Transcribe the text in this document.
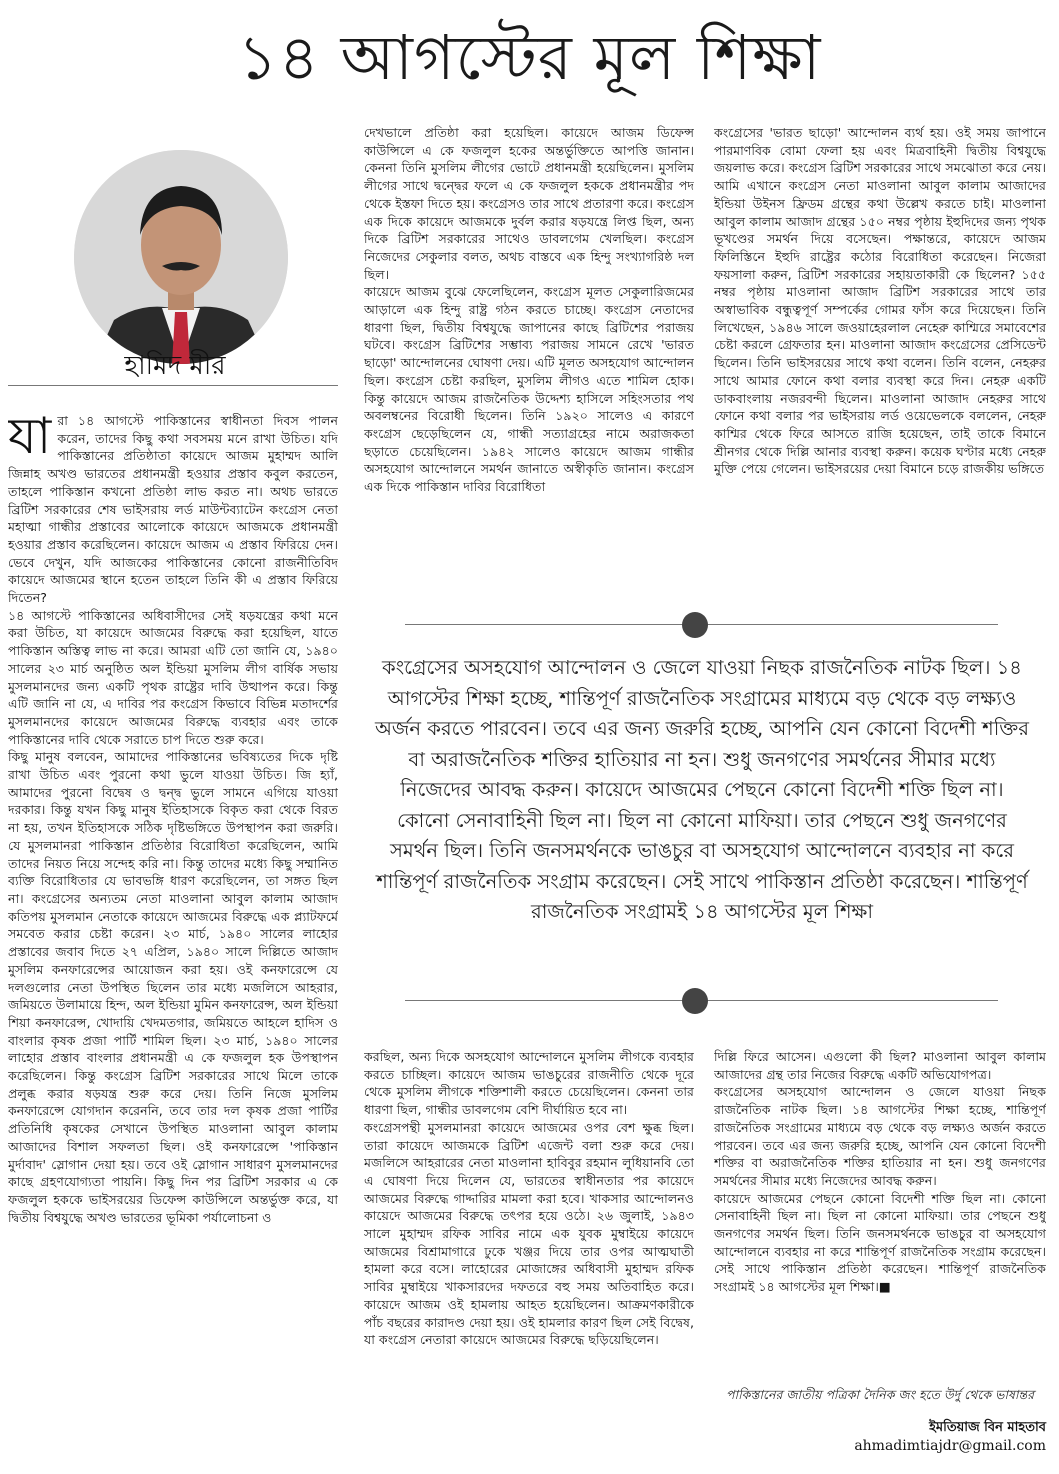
১৪ আগস্টের মূল শিক্ষা
হামিদ মীর
যা রা ১৪ আগস্টে পাকিস্তানের স্বাধীনতা দিবস পালন করেন, তাদের কিছু কথা সবসময় মনে রাখা উচিত। যদি পাকিস্তানের প্রতিষ্ঠাতা কায়েদে আজম মুহাম্মদ আলি জিন্নাহ অখণ্ড ভারতের প্রধানমন্ত্রী হওয়ার প্রস্তাব কবুল করতেন, তাহলে পাকিস্তান কখনো প্রতিষ্ঠা লাভ করত না। অথচ ভারতে ব্রিটিশ সরকারের শেষ ভাইসরায় লর্ড মাউন্টব্যাটেন কংগ্রেস নেতা মহাত্মা গান্ধীর প্রস্তাবের আলোকে কায়েদে আজমকে প্রধানমন্ত্রী হওয়ার প্রস্তাব করেছিলেন। কায়েদে আজম এ প্রস্তাব ফিরিয়ে দেন। ভেবে দেখুন, যদি আজকের পাকিস্তানের কোনো রাজনীতিবিদ কায়েদে আজমের স্থানে হতেন তাহলে তিনি কী এ প্রস্তাব ফিরিয়ে দিতেন?

১৪ আগস্টে পাকিস্তানের অধিবাসীদের সেই ষড়যন্ত্রের কথা মনে করা উচিত, যা কায়েদে আজমের বিরুদ্ধে করা হয়েছিল, যাতে পাকিস্তান অস্তিত্ব লাভ না করে। আমরা এটি তো জানি যে, ১৯৪০ সালের ২৩ মার্চ অনুষ্ঠিত অল ইন্ডিয়া মুসলিম লীগ বার্ষিক সভায় মুসলমানদের জন্য একটি পৃথক রাষ্ট্রের দাবি উত্থাপন করে। কিন্তু এটি জানি না যে, এ দাবির পর কংগ্রেস কিভাবে বিভিন্ন মতাদর্শের মুসলমানদের কায়েদে আজমের বিরুদ্ধে ব্যবহার এবং তাকে পাকিস্তানের দাবি থেকে সরাতে চাপ দিতে শুরু করে।

কিছু মানুষ বলবেন, আমাদের পাকিস্তানের ভবিষ্যতের দিকে দৃষ্টি রাখা উচিত এবং পুরনো কথা ভুলে যাওয়া উচিত। জি হ্যাঁ, আমাদের পুরনো বিদ্বেষ ও দ্বন্দ্ব ভুলে সামনে এগিয়ে যাওয়া দরকার। কিন্তু যখন কিছু মানুষ ইতিহাসকে বিকৃত করা থেকে বিরত না হয়, তখন ইতিহাসকে সঠিক দৃষ্টিভঙ্গিতে উপস্থাপন করা জরুরি। যে মুসলমানরা পাকিস্তান প্রতিষ্ঠার বিরোধিতা করেছিলেন, আমি তাদের নিয়ত নিয়ে সন্দেহ করি না। কিন্তু তাদের মধ্যে কিছু সম্মানিত ব্যক্তি বিরোধিতার যে ভাবভঙ্গি ধারণ করেছিলেন, তা সঙ্গত ছিল না। কংগ্রেসের অন্যতম নেতা মাওলানা আবুল কালাম আজাদ কতিপয় মুসলমান নেতাকে কায়েদে আজমের বিরুদ্ধে এক প্ল্যাটফর্মে সমবেত করার চেষ্টা করেন। ২৩ মার্চ, ১৯৪০ সালের লাহোর প্রস্তাবের জবাব দিতে ২৭ এপ্রিল, ১৯৪০ সালে দিল্লিতে আজাদ মুসলিম কনফারেন্সের আয়োজন করা হয়। ওই কনফারেন্সে যে দলগুলোর নেতা উপস্থিত ছিলেন তার মধ্যে মজলিসে আহরার, জমিয়তে উলামায়ে হিন্দ, অল ইন্ডিয়া মুমিন কনফারেন্স, অল ইন্ডিয়া শিয়া কনফারেন্স, খোদায়ি খেদমতগার, জমিয়তে আহলে হাদিস ও বাংলার কৃষক প্রজা পার্টি শামিল ছিল। ২৩ মার্চ, ১৯৪০ সালের লাহোর প্রস্তাব বাংলার প্রধানমন্ত্রী এ কে ফজলুল হক উপস্থাপন করেছিলেন। কিন্তু কংগ্রেস ব্রিটিশ সরকারের সাথে মিলে তাকে প্রলুব্ধ করার ষড়যন্ত্র শুরু করে দেয়। তিনি নিজে মুসলিম কনফারেন্সে যোগদান করেননি, তবে তার দল কৃষক প্রজা পার্টির প্রতিনিধি কৃষকের সেখানে উপস্থিত মাওলানা আবুল কালাম আজাদের বিশাল সফলতা ছিল। ওই কনফারেন্সে 'পাকিস্তান মুর্দাবাদ' স্লোগান দেয়া হয়। তবে ওই স্লোগান সাধারণ মুসলমানদের কাছে গ্রহণযোগ্যতা পায়নি। কিছু দিন পর ব্রিটিশ সরকার এ কে ফজলুল হককে ভাইসরয়ের ডিফেন্স কাউন্সিলে অন্তর্ভুক্ত করে, যা দ্বিতীয় বিশ্বযুদ্ধে অখণ্ড ভারতের ভূমিকা পর্যালোচনা ও

দেখভালে প্রতিষ্ঠা করা হয়েছিল। কায়েদে আজম ডিফেন্স কাউন্সিলে এ কে ফজলুল হকের অন্তর্ভুক্তিতে আপত্তি জানান। কেননা তিনি মুসলিম লীগের ভোটে প্রধানমন্ত্রী হয়েছিলেন। মুসলিম লীগের সাথে দ্বন্দ্বের ফলে এ কে ফজলুল হককে প্রধানমন্ত্রীর পদ থেকে ইস্তফা দিতে হয়। কংগ্রেসও তার সাথে প্রতারণা করে। কংগ্রেস এক দিকে কায়েদে আজমকে দুর্বল করার ষড়যন্ত্রে লিপ্ত ছিল, অন্য দিকে ব্রিটিশ সরকারের সাথেও ডাবলগেম খেলছিল। কংগ্রেস নিজেদের সেকুলার বলত, অথচ বাস্তবে এক হিন্দু সংখ্যাগরিষ্ঠ দল ছিল।

কায়েদে আজম বুঝে ফেলেছিলেন, কংগ্রেস মূলত সেকুলারিজমের আড়ালে এক হিন্দু রাষ্ট্র গঠন করতে চাচ্ছে। কংগ্রেস নেতাদের ধারণা ছিল, দ্বিতীয় বিশ্বযুদ্ধে জাপানের কাছে ব্রিটিশের পরাজয় ঘটবে। কংগ্রেস ব্রিটিশের সম্ভাব্য পরাজয় সামনে রেখে 'ভারত ছাড়ো' আন্দোলনের ঘোষণা দেয়। এটি মূলত অসহযোগ আন্দোলন ছিল। কংগ্রেস চেষ্টা করছিল, মুসলিম লীগও এতে শামিল হোক। কিন্তু কায়েদে আজম রাজনৈতিক উদ্দেশ্য হাসিলে সহিংসতার পথ অবলম্বনের বিরোধী ছিলেন। তিনি ১৯২০ সালেও এ কারণে কংগ্রেস ছেড়েছিলেন যে, গান্ধী সত্যাগ্রহের নামে অরাজকতা ছড়াতে চেয়েছিলেন। ১৯৪২ সালেও কায়েদে আজম গান্ধীর অসহযোগ আন্দোলনে সমর্থন জানাতে অস্বীকৃতি জানান। কংগ্রেস এক দিকে পাকিস্তান দাবির বিরোধিতা

কংগ্রেসের 'ভারত ছাড়ো' আন্দোলন ব্যর্থ হয়। ওই সময় জাপানে পারমাণবিক বোমা ফেলা হয় এবং মিত্রবাহিনী দ্বিতীয় বিশ্বযুদ্ধে জয়লাভ করে। কংগ্রেস ব্রিটিশ সরকারের সাথে সমঝোতা করে নেয়। আমি এখানে কংগ্রেস নেতা মাওলানা আবুল কালাম আজাদের ইন্ডিয়া উইনস ফ্রিডম গ্রন্থের কথা উল্লেখ করতে চাই। মাওলানা আবুল কালাম আজাদ গ্রন্থের ১৫০ নম্বর পৃষ্ঠায় ইহুদিদের জন্য পৃথক ভূখণ্ডের সমর্থন দিয়ে বসেছেন। পক্ষান্তরে, কায়েদে আজম ফিলিস্তিনে ইহুদি রাষ্ট্রের কঠোর বিরোধিতা করেছেন। নিজেরা ফয়সালা করুন, ব্রিটিশ সরকারের সহায়তাকারী কে ছিলেন? ১৫৫ নম্বর পৃষ্ঠায় মাওলানা আজাদ ব্রিটিশ সরকারের সাথে তার অস্বাভাবিক বন্ধুত্বপূর্ণ সম্পর্কের গোমর ফাঁস করে দিয়েছেন। তিনি লিখেছেন, ১৯৪৬ সালে জওয়াহেরলাল নেহেরু কাশ্মিরে সমাবেশের চেষ্টা করলে গ্রেফতার হন। মাওলানা আজাদ কংগ্রেসের প্রেসিডেন্ট ছিলেন। তিনি ভাইসরয়ের সাথে কথা বলেন। তিনি বলেন, নেহরুর সাথে আমার ফোনে কথা বলার ব্যবস্থা করে দিন। নেহরু একটি ডাকবাংলায় নজরবন্দী ছিলেন। মাওলানা আজাদ নেহরুর সাথে ফোনে কথা বলার পর ভাইসরায় লর্ড ওয়েভেলকে বললেন, নেহরু কাশ্মির থেকে ফিরে আসতে রাজি হয়েছেন, তাই তাকে বিমানে শ্রীনগর থেকে দিল্লি আনার ব্যবস্থা করুন। কয়েক ঘণ্টার মধ্যে নেহরু মুক্তি পেয়ে গেলেন। ভাইসরয়ের দেয়া বিমানে চড়ে রাজকীয় ভঙ্গিতে

কংগ্রেসের অসহযোগ আন্দোলন ও জেলে যাওয়া নিছক রাজনৈতিক নাটক ছিল। ১৪ আগস্টের শিক্ষা হচ্ছে, শান্তিপূর্ণ রাজনৈতিক সংগ্রামের মাধ্যমে বড় থেকে বড় লক্ষ্যও অর্জন করতে পারবেন। তবে এর জন্য জরুরি হচ্ছে, আপনি যেন কোনো বিদেশী শক্তির বা অরাজনৈতিক শক্তির হাতিয়ার না হন। শুধু জনগণের সমর্থনের সীমার মধ্যে নিজেদের আবদ্ধ করুন। কায়েদে আজমের পেছনে কোনো বিদেশী শক্তি ছিল না। কোনো সেনাবাহিনী ছিল না। ছিল না কোনো মাফিয়া। তার পেছনে শুধু জনগণের সমর্থন ছিল। তিনি জনসমর্থনকে ভাঙচুর বা অসহযোগ আন্দোলনে ব্যবহার না করে শান্তিপূর্ণ রাজনৈতিক সংগ্রাম করেছেন। সেই সাথে পাকিস্তান প্রতিষ্ঠা করেছেন। শান্তিপূর্ণ রাজনৈতিক সংগ্রামই ১৪ আগস্টের মূল শিক্ষা

করছিল, অন্য দিকে অসহযোগ আন্দোলনে মুসলিম লীগকে ব্যবহার করতে চাচ্ছিল। কায়েদে আজম ভাঙচুরের রাজনীতি থেকে দূরে থেকে মুসলিম লীগকে শক্তিশালী করতে চেয়েছিলেন। কেননা তার ধারণা ছিল, গান্ধীর ডাবলগেম বেশি দীর্ঘায়িত হবে না।

কংগ্রেসপন্থী মুসলমানরা কায়েদে আজমের ওপর বেশ ক্ষুব্ধ ছিল। তারা কায়েদে আজমকে ব্রিটিশ এজেন্ট বলা শুরু করে দেয়। মজলিসে আহরারের নেতা মাওলানা হাবিবুর রহমান লুধিয়ানবি তো এ ঘোষণা দিয়ে দিলেন যে, ভারতের স্বাধীনতার পর কায়েদে আজমের বিরুদ্ধে গাদ্দারির মামলা করা হবে। খাকসার আন্দোলনও কায়েদে আজমের বিরুদ্ধে তৎপর হয়ে ওঠে। ২৬ জুলাই, ১৯৪৩ সালে মুহাম্মদ রফিক সাবির নামে এক যুবক মুম্বাইয়ে কায়েদে আজমের বিশ্রামাগারে ঢুকে খঞ্জর দিয়ে তার ওপর আত্মঘাতী হামলা করে বসে। লাহোরের মোজাঙ্গের অধিবাসী মুহাম্মদ রফিক সাবির মুম্বাইয়ে খাকসারদের দফতরে বহু সময় অতিবাহিত করে। কায়েদে আজম ওই হামলায় আহত হয়েছিলেন। আক্রমণকারীকে পাঁচ বছরের কারাদণ্ড দেয়া হয়। ওই হামলার কারণ ছিল সেই বিদ্বেষ, যা কংগ্রেস নেতারা কায়েদে আজমের বিরুদ্ধে ছড়িয়েছিলেন।

দিল্লি ফিরে আসেন। এগুলো কী ছিল? মাওলানা আবুল কালাম আজাদের গ্রন্থ তার নিজের বিরুদ্ধে একটি অভিযোগপত্র।

কংগ্রেসের অসহযোগ আন্দোলন ও জেলে যাওয়া নিছক রাজনৈতিক নাটক ছিল। ১৪ আগস্টের শিক্ষা হচ্ছে, শান্তিপূর্ণ রাজনৈতিক সংগ্রামের মাধ্যমে বড় থেকে বড় লক্ষ্যও অর্জন করতে পারবেন। তবে এর জন্য জরুরি হচ্ছে, আপনি যেন কোনো বিদেশী শক্তির বা অরাজনৈতিক শক্তির হাতিয়ার না হন। শুধু জনগণের সমর্থনের সীমার মধ্যে নিজেদের আবদ্ধ করুন।

কায়েদে আজমের পেছনে কোনো বিদেশী শক্তি ছিল না। কোনো সেনাবাহিনী ছিল না। ছিল না কোনো মাফিয়া। তার পেছনে শুধু জনগণের সমর্থন ছিল। তিনি জনসমর্থনকে ভাঙচুর বা অসহযোগ আন্দোলনে ব্যবহার না করে শান্তিপূর্ণ রাজনৈতিক সংগ্রাম করেছেন। সেই সাথে পাকিস্তান প্রতিষ্ঠা করেছেন। শান্তিপূর্ণ রাজনৈতিক সংগ্রামই ১৪ আগস্টের মূল শিক্ষা।■

পাকিস্তানের জাতীয় পত্রিকা দৈনিক জং হতে উর্দু থেকে ভাষান্তর
ইমতিয়াজ বিন মাহতাব
ahmadimtiajdr@gmail.com
